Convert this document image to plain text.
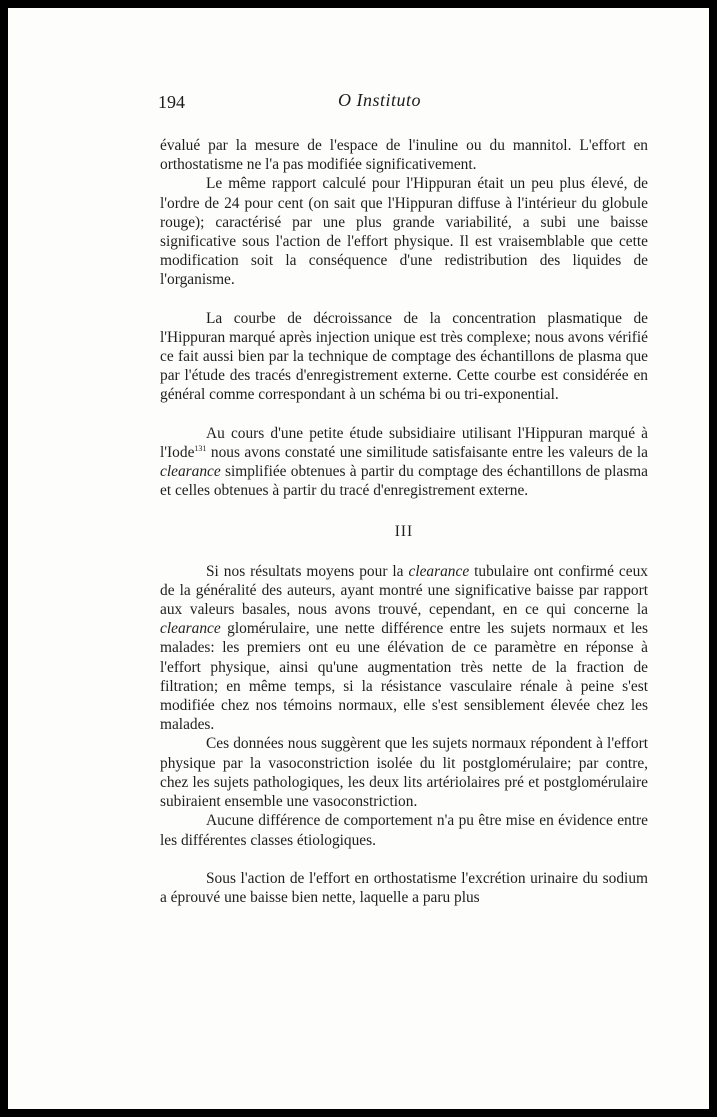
194	O Instituto

évalué par la mesure de l'espace de l'inuline ou du mannitol. L'effort en orthostatisme ne l'a pas modifiée significativement.

Le même rapport calculé pour l'Hippuran était un peu plus élevé, de l'ordre de 24 pour cent (on sait que l'Hippuran diffuse à l'intérieur du globule rouge); caractérisé par une plus grande variabilité, a subi une baisse significative sous l'action de l'effort physique. Il est vraisemblable que cette modification soit la conséquence d'une redistribution des liquides de l'organisme.

La courbe de décroissance de la concentration plasmatique de l'Hippuran marqué après injection unique est très complexe; nous avons vérifié ce fait aussi bien par la technique de comptage des échantillons de plasma que par l'étude des tracés d'enregistrement externe. Cette courbe est considérée en général comme correspondant à un schéma bi ou tri-exponential.

Au cours d'une petite étude subsidiaire utilisant l'Hippuran marqué à l'Iode$^{131}$ nous avons constaté une similitude satisfaisante entre les valeurs de la clearance simplifiée obtenues à partir du comptage des échantillons de plasma et celles obtenues à partir du tracé d'enregistrement externe.

III

Si nos résultats moyens pour la clearance tubulaire ont confirmé ceux de la généralité des auteurs, ayant montré une significative baisse par rapport aux valeurs basales, nous avons trouvé, cependant, en ce qui concerne la clearance glomérulaire, une nette différence entre les sujets normaux et les malades: les premiers ont eu une élévation de ce paramètre en réponse à l'effort physique, ainsi qu'une augmentation très nette de la fraction de filtration; en même temps, si la résistance vasculaire rénale à peine s'est modifiée chez nos témoins normaux, elle s'est sensiblement élevée chez les malades.

Ces données nous suggèrent que les sujets normaux répondent à l'effort physique par la vasoconstriction isolée du lit postglomérulaire; par contre, chez les sujets pathologiques, les deux lits artériolaires pré et postglomérulaire subiraient ensemble une vasoconstriction.

Aucune différence de comportement n'a pu être mise en évidence entre les différentes classes étiologiques.

Sous l'action de l'effort en orthostatisme l'excrétion urinaire du sodium a éprouvé une baisse bien nette, laquelle a paru plus
